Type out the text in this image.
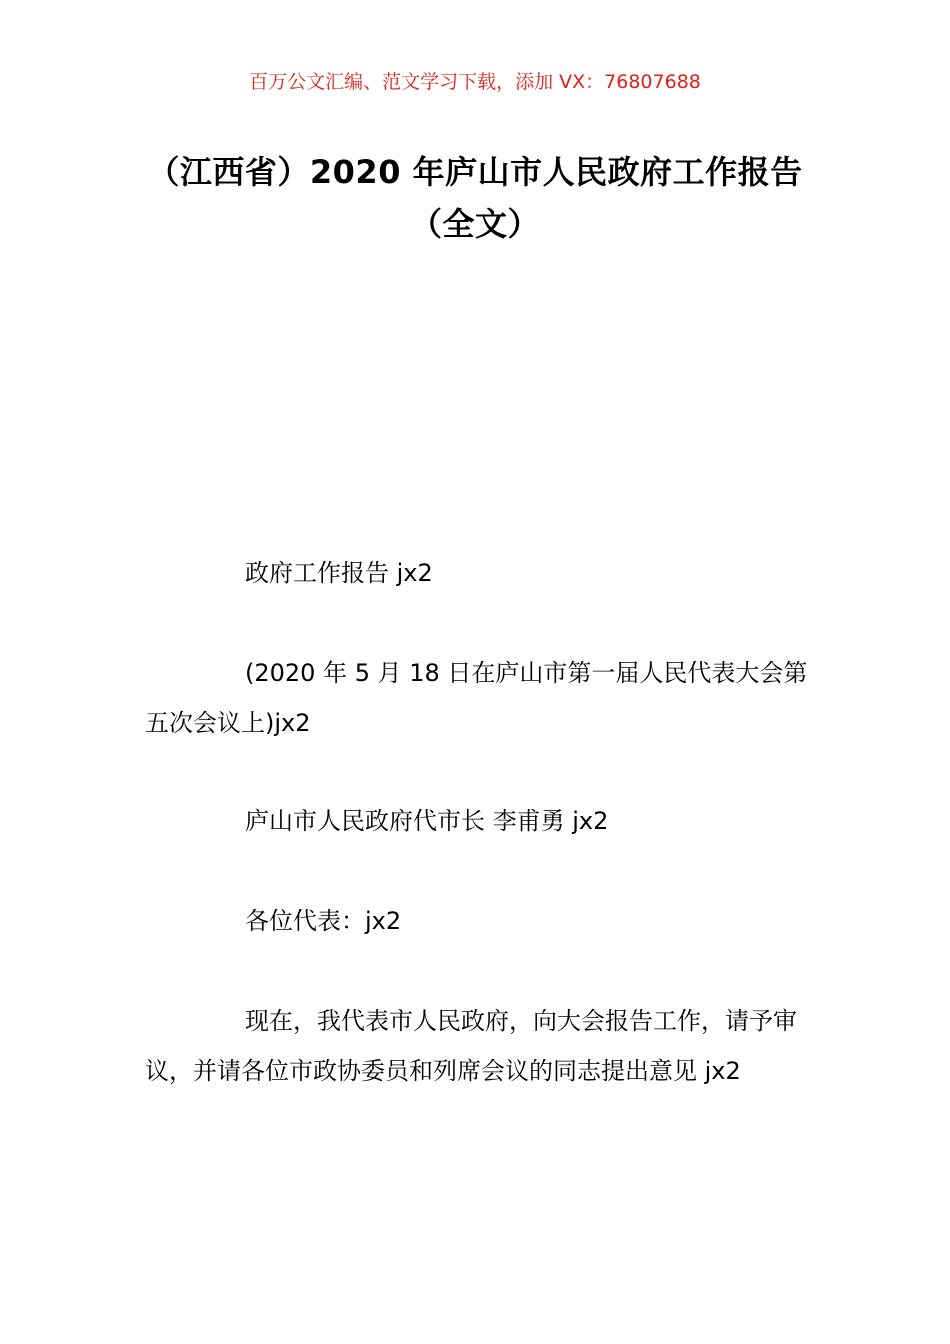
百万公文汇编、范文学习下载，添加 VX：76807688
（江西省）2020 年庐山市人民政府工作报告（全文）

政府工作报告 jx2

(2020 年 5 月 18 日在庐山市第一届人民代表大会第五次会议上)jx2

庐山市人民政府代市长 李甫勇 jx2

各位代表：jx2

现在，我代表市人民政府，向大会报告工作，请予审议，并请各位市政协委员和列席会议的同志提出意见 jx2
